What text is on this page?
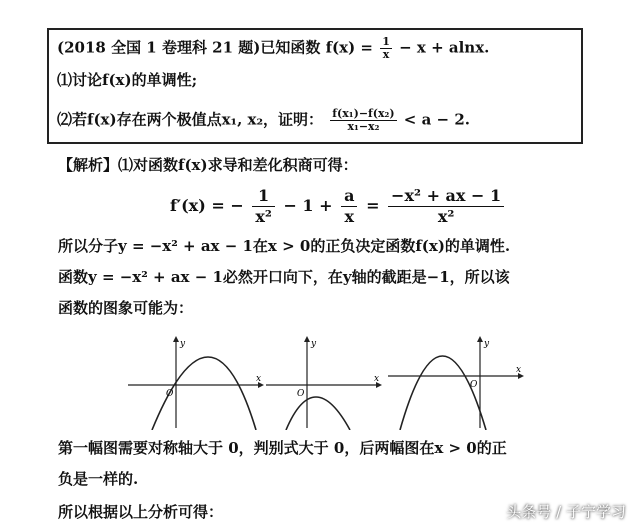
(2018 全国 1 卷理科 21 题)已知函数 $f(x) = \frac{1}{x} - x + alnx$.
⑴讨论f(x)的单调性;
⑵若f(x)存在两个极值点x₁, x₂，证明： $\frac{\text{f(x₁)−f(x₂)}}{\text{x₁−x₂}} < a - 2$.
【解析】⑴对函数f(x)求导和差化积商可得：
f′(x) = − $\frac{1}{\text{x²}} - 1 + \frac{a}{x} = \frac{\text{−x² + ax − 1}}{\text{x²}}$
所以分子y = −x² + ax − 1在x > 0的正负决定函数f(x)的单调性.
函数y = −x² + ax − 1必然开口向下，在y轴的截距是−1，所以该
函数的图象可能为：
y
x
O
y
x
O
y
x
O
第一幅图需要对称轴大于 0，判别式大于 0，后两幅图在x > 0的正
负是一样的.
所以根据以上分析可得：	头条号 / 子宁学习
